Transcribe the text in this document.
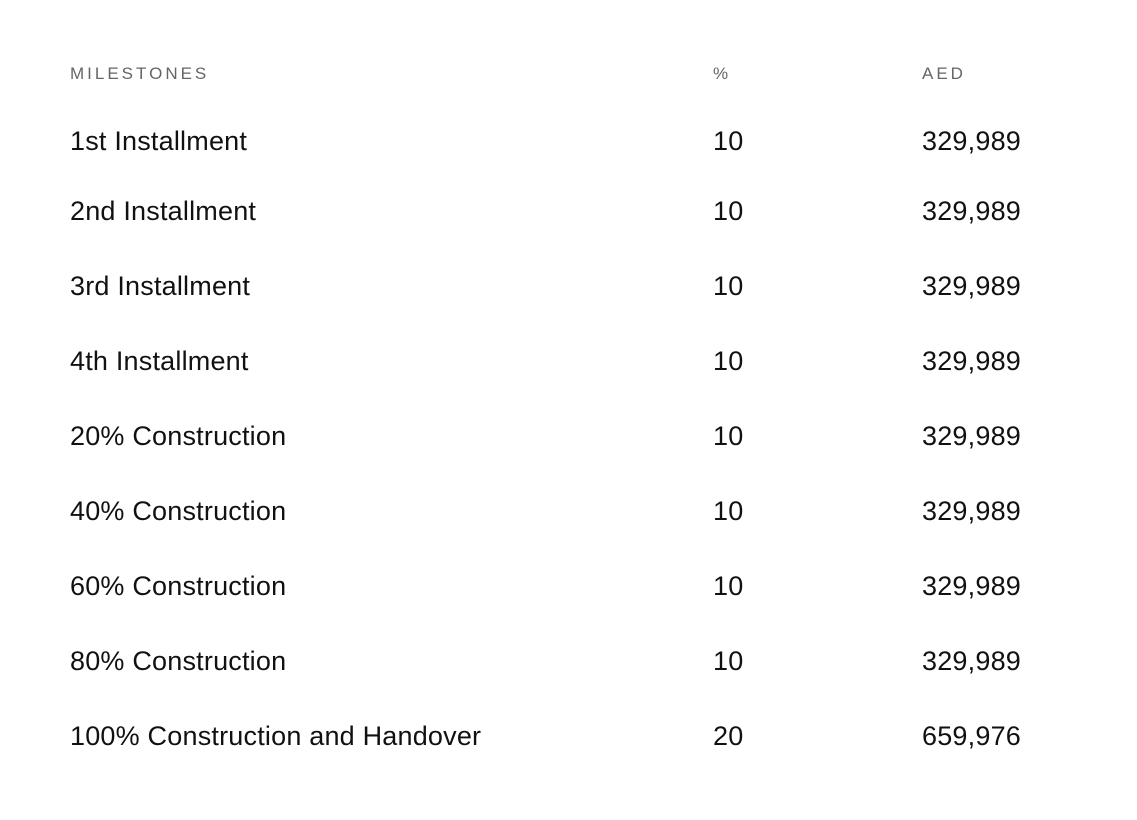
MILESTONES	%	AED
1st Installment	10	329,989
2nd Installment	10	329,989
3rd Installment	10	329,989
4th Installment	10	329,989
20% Construction	10	329,989
40% Construction	10	329,989
60% Construction	10	329,989
80% Construction	10	329,989
100% Construction and Handover	20	659,976
